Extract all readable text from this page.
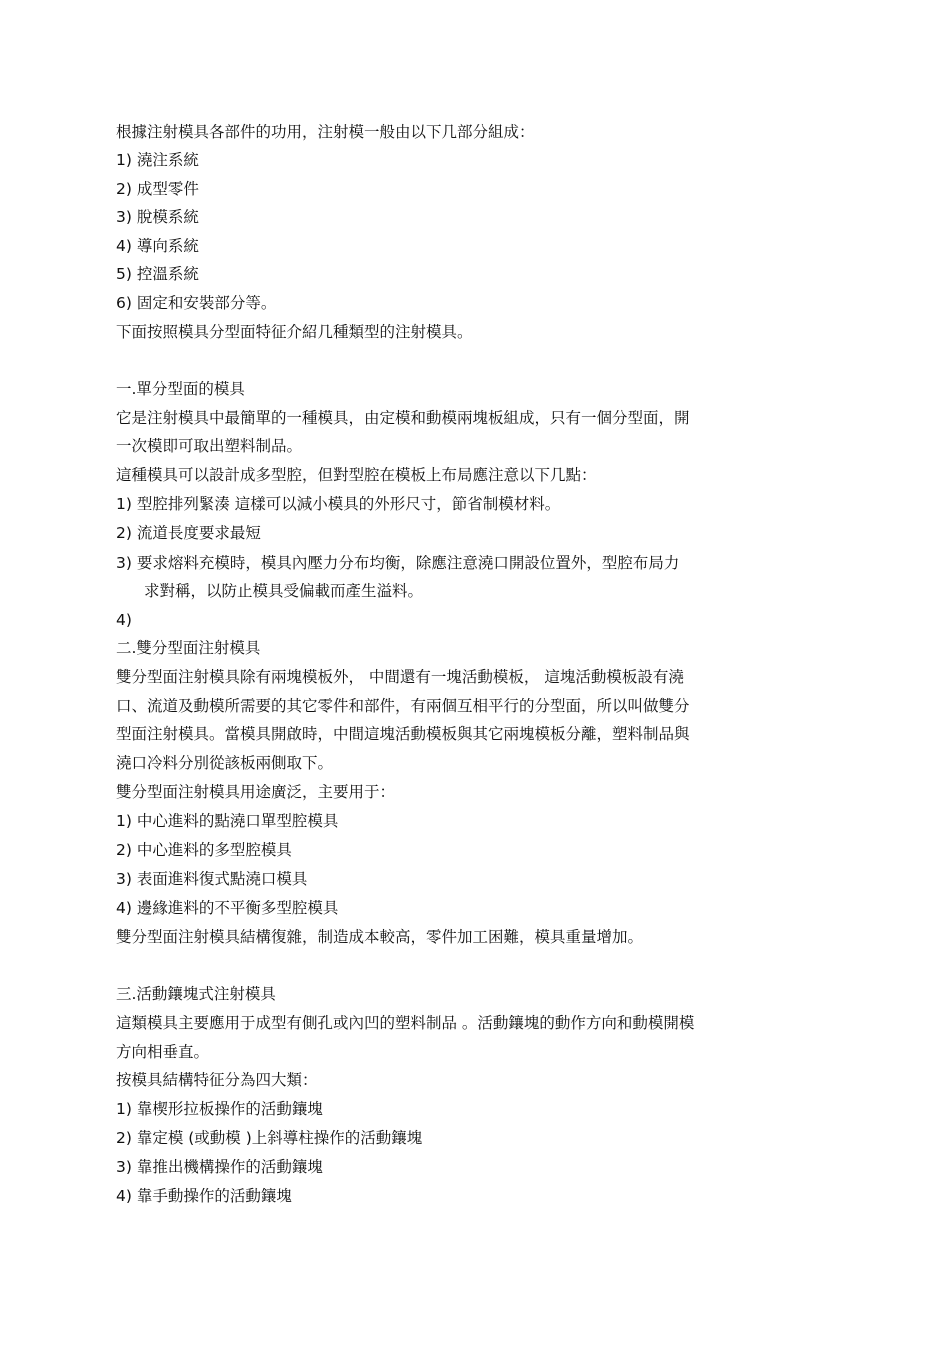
根據注射模具各部件的功用，注射模一般由以下几部分組成：
1) 澆注系統
2) 成型零件
3) 脫模系統
4) 導向系統
5) 控溫系統
6) 固定和安裝部分等。
下面按照模具分型面特征介紹几種類型的注射模具。
一.單分型面的模具
它是注射模具中最簡單的一種模具，由定模和動模兩塊板組成，只有一個分型面，開
一次模即可取出塑料制品。
這種模具可以設計成多型腔，但對型腔在模板上布局應注意以下几點：
1) 型腔排列緊湊 這樣可以減小模具的外形尺寸，節省制模材料。
2) 流道長度要求最短
3) 要求熔料充模時，模具內壓力分布均衡，除應注意澆口開設位置外，型腔布局力
求對稱，以防止模具受偏載而產生溢料。
4)
二.雙分型面注射模具
雙分型面注射模具除有兩塊模板外， 中間還有一塊活動模板， 這塊活動模板設有澆
口、流道及動模所需要的其它零件和部件，有兩個互相平行的分型面，所以叫做雙分
型面注射模具。當模具開啟時，中間這塊活動模板與其它兩塊模板分離，塑料制品與
澆口冷料分別從該板兩側取下。
雙分型面注射模具用途廣泛，主要用于：
1) 中心進料的點澆口單型腔模具
2) 中心進料的多型腔模具
3) 表面進料復式點澆口模具
4) 邊緣進料的不平衡多型腔模具
雙分型面注射模具結構復雜，制造成本較高，零件加工困難，模具重量增加。
三.活動鑲塊式注射模具
這類模具主要應用于成型有側孔或內凹的塑料制品 。活動鑲塊的動作方向和動模開模
方向相垂直。
按模具結構特征分為四大類：
1) 靠楔形拉板操作的活動鑲塊
2) 靠定模 (或動模 )上斜導柱操作的活動鑲塊
3) 靠推出機構操作的活動鑲塊
4) 靠手動操作的活動鑲塊
